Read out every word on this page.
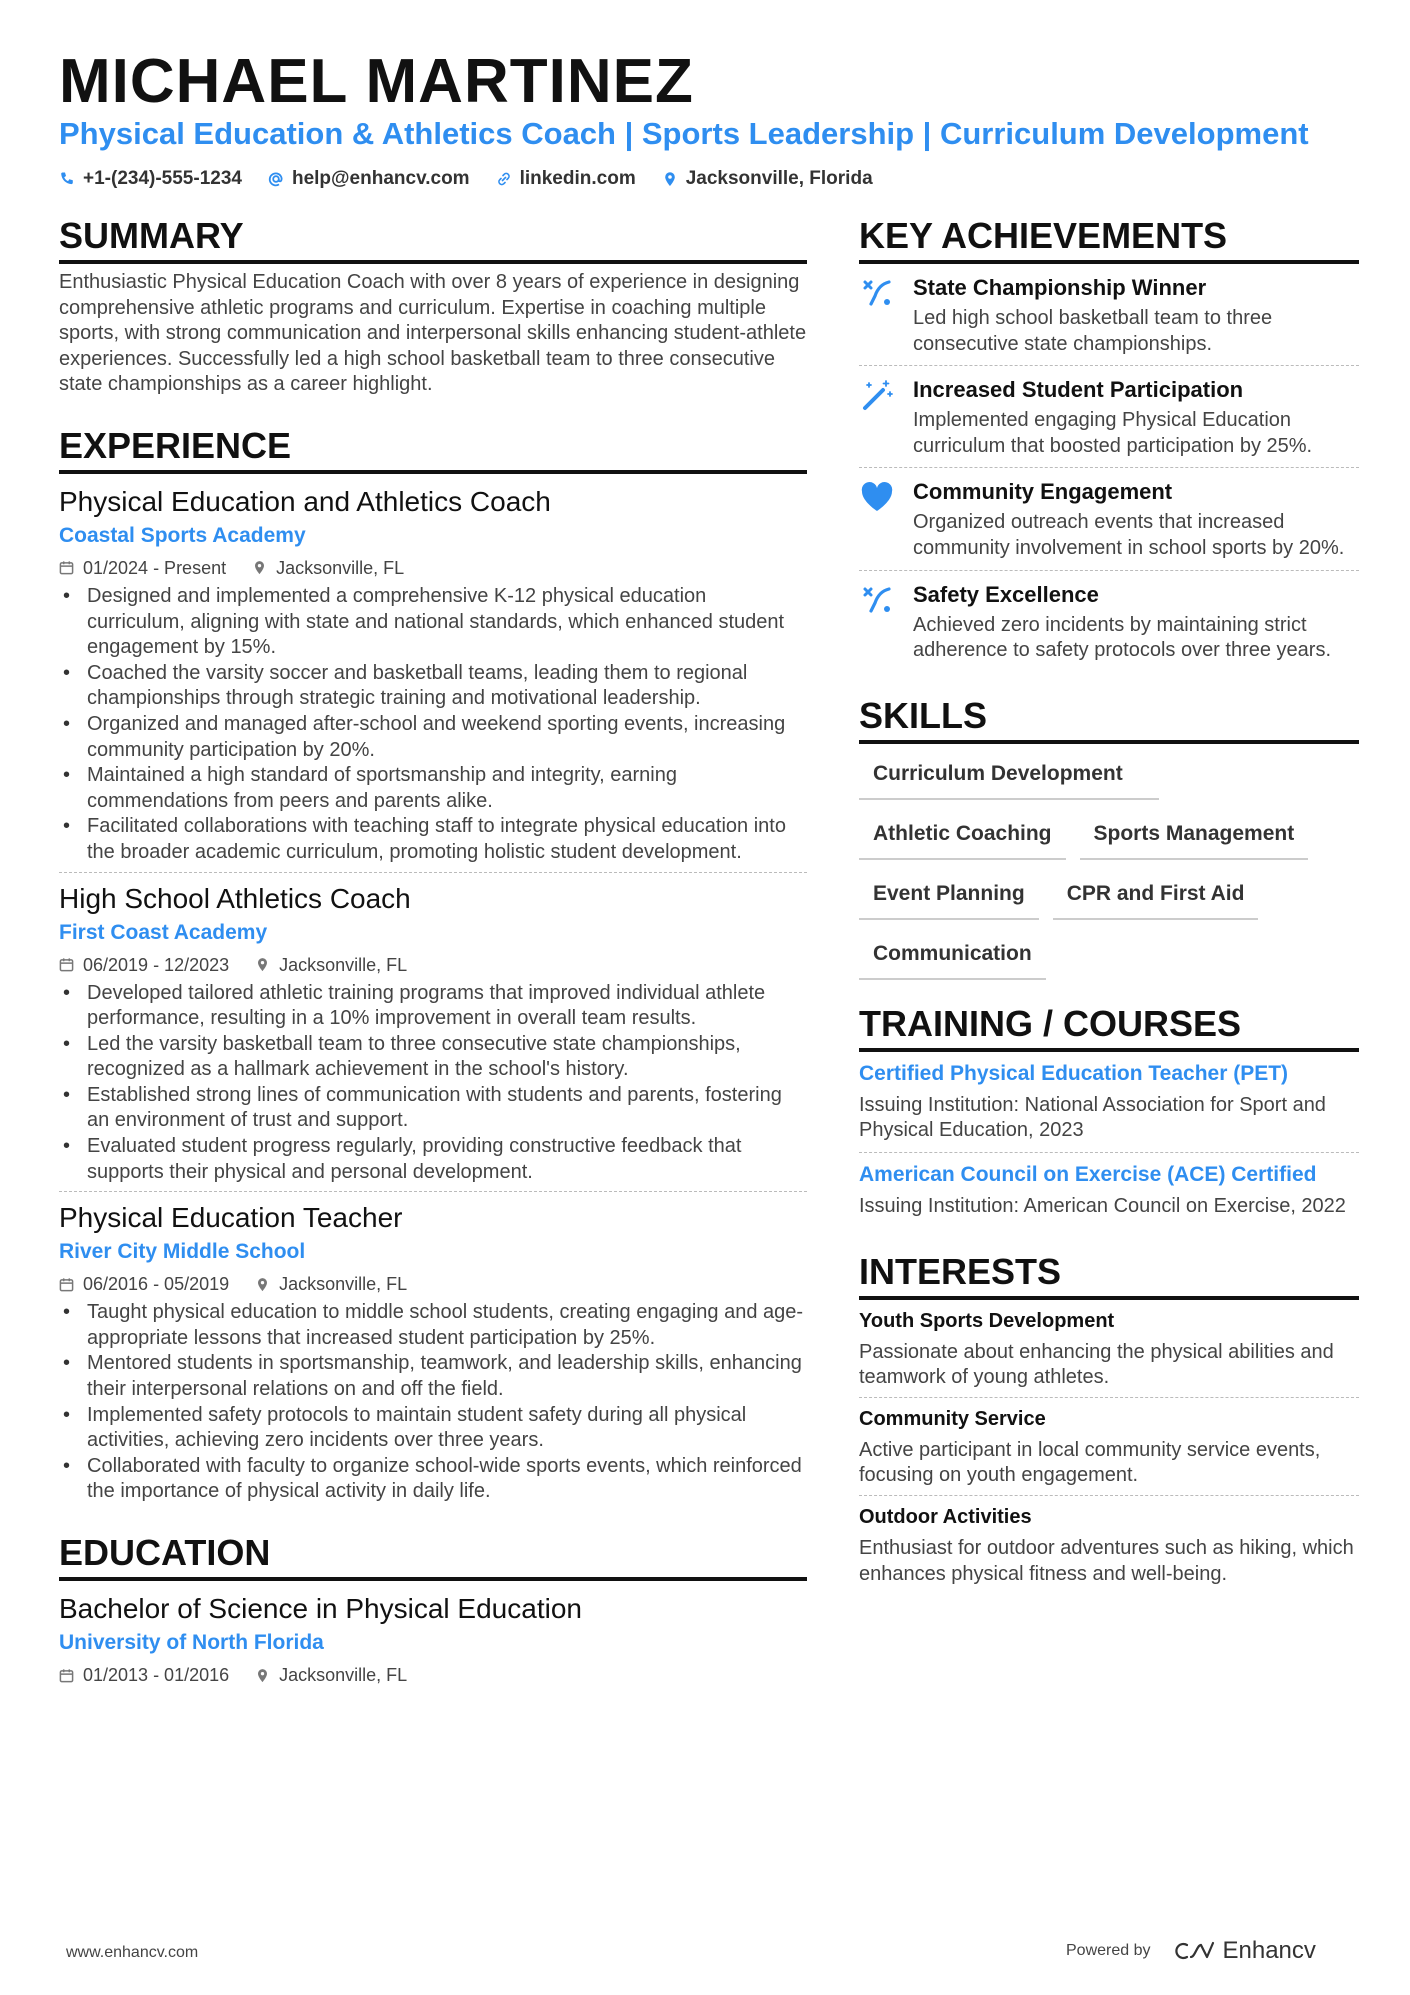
MICHAEL MARTINEZ
Physical Education & Athletics Coach | Sports Leadership | Curriculum Development
+1-(234)-555-1234	help@enhancv.com	linkedin.com	Jacksonville, Florida
SUMMARY
Enthusiastic Physical Education Coach with over 8 years of experience in designing comprehensive athletic programs and curriculum. Expertise in coaching multiple sports, with strong communication and interpersonal skills enhancing student-athlete experiences. Successfully led a high school basketball team to three consecutive state championships as a career highlight.
EXPERIENCE
Physical Education and Athletics Coach
Coastal Sports Academy
01/2024 - Present	Jacksonville, FL
• Designed and implemented a comprehensive K-12 physical education curriculum, aligning with state and national standards, which enhanced student engagement by 15%.
• Coached the varsity soccer and basketball teams, leading them to regional championships through strategic training and motivational leadership.
• Organized and managed after-school and weekend sporting events, increasing community participation by 20%.
• Maintained a high standard of sportsmanship and integrity, earning commendations from peers and parents alike.
• Facilitated collaborations with teaching staff to integrate physical education into the broader academic curriculum, promoting holistic student development.
High School Athletics Coach
First Coast Academy
06/2019 - 12/2023	Jacksonville, FL
• Developed tailored athletic training programs that improved individual athlete performance, resulting in a 10% improvement in overall team results.
• Led the varsity basketball team to three consecutive state championships, recognized as a hallmark achievement in the school's history.
• Established strong lines of communication with students and parents, fostering an environment of trust and support.
• Evaluated student progress regularly, providing constructive feedback that supports their physical and personal development.
Physical Education Teacher
River City Middle School
06/2016 - 05/2019	Jacksonville, FL
• Taught physical education to middle school students, creating engaging and age-appropriate lessons that increased student participation by 25%.
• Mentored students in sportsmanship, teamwork, and leadership skills, enhancing their interpersonal relations on and off the field.
• Implemented safety protocols to maintain student safety during all physical activities, achieving zero incidents over three years.
• Collaborated with faculty to organize school-wide sports events, which reinforced the importance of physical activity in daily life.
EDUCATION
Bachelor of Science in Physical Education
University of North Florida
01/2013 - 01/2016	Jacksonville, FL
KEY ACHIEVEMENTS
State Championship Winner
Led high school basketball team to three consecutive state championships.
Increased Student Participation
Implemented engaging Physical Education curriculum that boosted participation by 25%.
Community Engagement
Organized outreach events that increased community involvement in school sports by 20%.
Safety Excellence
Achieved zero incidents by maintaining strict adherence to safety protocols over three years.
SKILLS
Curriculum Development
Athletic Coaching	Sports Management
Event Planning	CPR and First Aid
Communication
TRAINING / COURSES
Certified Physical Education Teacher (PET)
Issuing Institution: National Association for Sport and Physical Education, 2023
American Council on Exercise (ACE) Certified
Issuing Institution: American Council on Exercise, 2022
INTERESTS
Youth Sports Development
Passionate about enhancing the physical abilities and teamwork of young athletes.
Community Service
Active participant in local community service events, focusing on youth engagement.
Outdoor Activities
Enthusiast for outdoor adventures such as hiking, which enhances physical fitness and well-being.
www.enhancv.com	Powered by	Enhancv
